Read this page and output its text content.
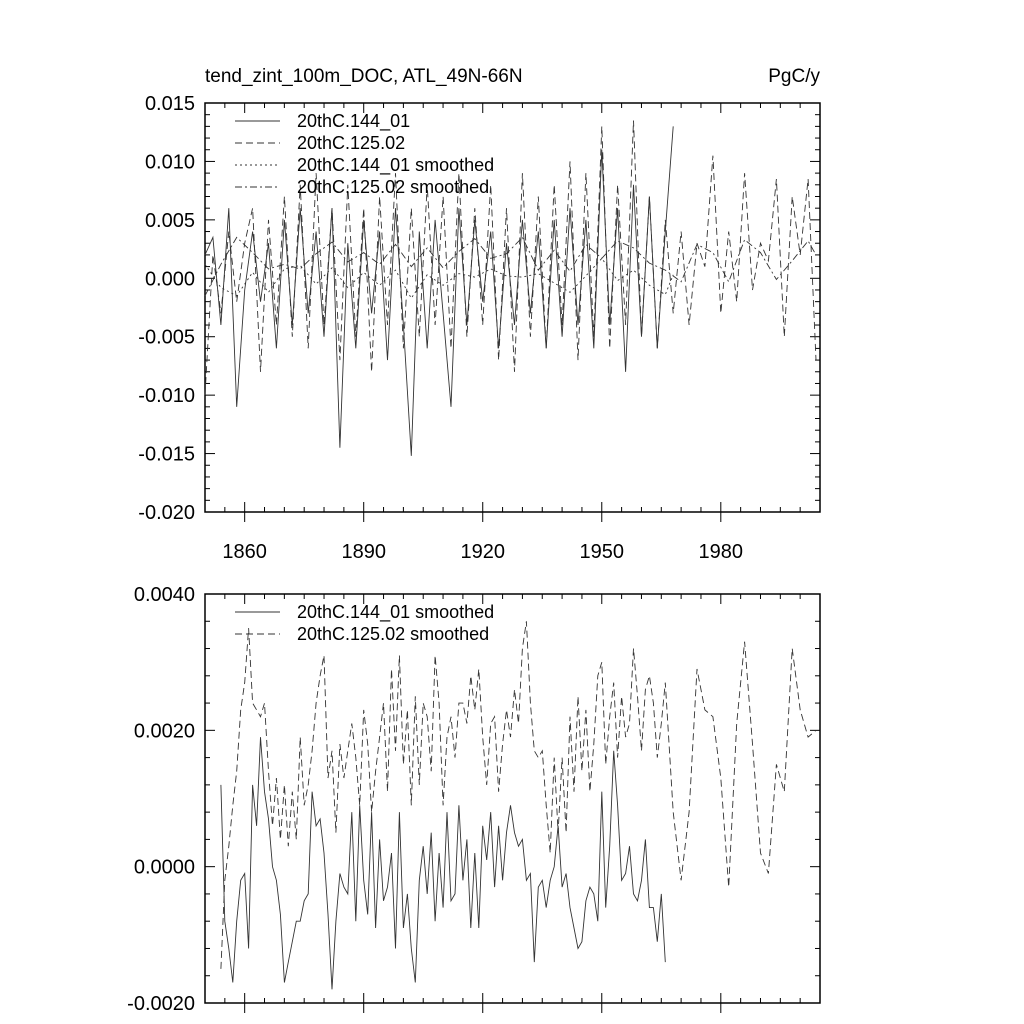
tend_zint_100m_DOC, ATL_49N-66N	PgC/y
0.015
0.010
0.005
0.000
-0.005
-0.010
-0.015
-0.020
1860	1890	1920	1950	1980
20thC.144_01
20thC.125.02
20thC.144_01 smoothed
20thC.125.02 smoothed
0.0040
0.0020
0.0000
-0.0020
20thC.144_01 smoothed
20thC.125.02 smoothed
